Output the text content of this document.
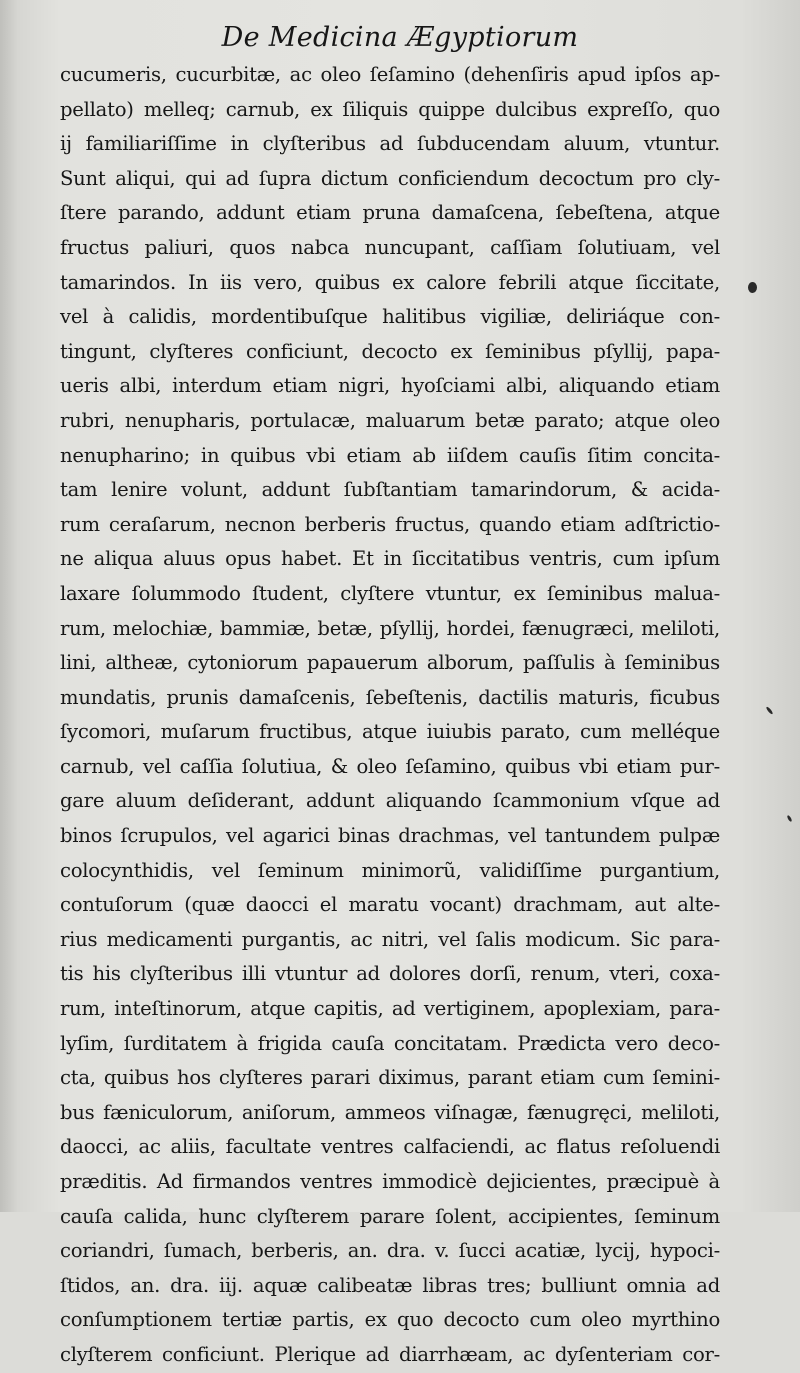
De Medicina Ægyptiorum
cucumeris, cucurbitæ, ac oleo ſeſamino (dehenſiris apud ipſos ap-
pellato) melleq; carnub, ex ſiliquis quippe dulcibus expreſſo, quo
ij familiariſſime in clyſteribus ad ſubducendam aluum, vtuntur.
Sunt aliqui, qui ad ſupra dictum conficiendum decoctum pro cly-
ſtere parando, addunt etiam pruna damaſcena, ſebeſtena, atque
fructus paliuri, quos nabca nuncupant, caſſiam ſolutiuam, vel
tamarindos. In iis vero, quibus ex calore febrili atque ſiccitate,
vel à calidis, mordentibuſque halitibus vigiliæ, deliriáque con-
tingunt, clyſteres conficiunt, decocto ex ſeminibus pſyllij, papa-
ueris albi, interdum etiam nigri, hyoſciami albi, aliquando etiam
rubri, nenupharis, portulacæ, maluarum betæ parato; atque oleo
nenupharino; in quibus vbi etiam ab iiſdem cauſis ſitim concita-
tam lenire volunt, addunt ſubſtantiam tamarindorum, & acida-
rum ceraſarum, necnon berberis fructus, quando etiam adſtrictio-
ne aliqua aluus opus habet. Et in ſiccitatibus ventris, cum ipſum
laxare ſolummodo ſtudent, clyſtere vtuntur, ex ſeminibus malua-
rum, melochiæ, bammiæ, betæ, pſyllij, hordei, fænugræci, meliloti,
lini, altheæ, cytoniorum papauerum alborum, paſſulis à ſeminibus
mundatis, prunis damaſcenis, ſebeſtenis, dactilis maturis, ficubus
ſycomori, muſarum fructibus, atque iuiubis parato, cum melléque
carnub, vel caſſia ſolutiua, & oleo ſeſamino, quibus vbi etiam pur-
gare aluum deſiderant, addunt aliquando ſcammonium vſque ad
binos ſcrupulos, vel agarici binas drachmas, vel tantundem pulpæ
colocynthidis, vel ſeminum minimorũ, validiſſime purgantium,
contuſorum (quæ daocci el maratu vocant) drachmam, aut alte-
rius medicamenti purgantis, ac nitri, vel ſalis modicum. Sic para-
tis his clyſteribus illi vtuntur ad dolores dorſi, renum, vteri, coxa-
rum, inteſtinorum, atque capitis, ad vertiginem, apoplexiam, para-
lyſim, ſurditatem à frigida cauſa concitatam. Prædicta vero deco-
cta, quibus hos clyſteres parari diximus, parant etiam cum ſemini-
bus fæniculorum, aniſorum, ammeos viſnagæ, fænugręci, meliloti,
daocci, ac aliis, facultate ventres calfaciendi, ac flatus reſoluendi
præditis. Ad firmandos ventres immodicè dejicientes, præcipuè à
cauſa calida, hunc clyſterem parare ſolent, accipientes, ſeminum
coriandri, ſumach, berberis, an. dra. v. ſucci acatiæ, lycij, hypoci-
ſtidos, an. dra. iij. aquæ calibeatæ libras tres; bulliunt omnia ad
conſumptionem tertiæ partis, ex quo decocto cum oleo myrthino
clyſterem conficiunt. Plerique ad diarrhæam, ac dyſenteriam cor-
